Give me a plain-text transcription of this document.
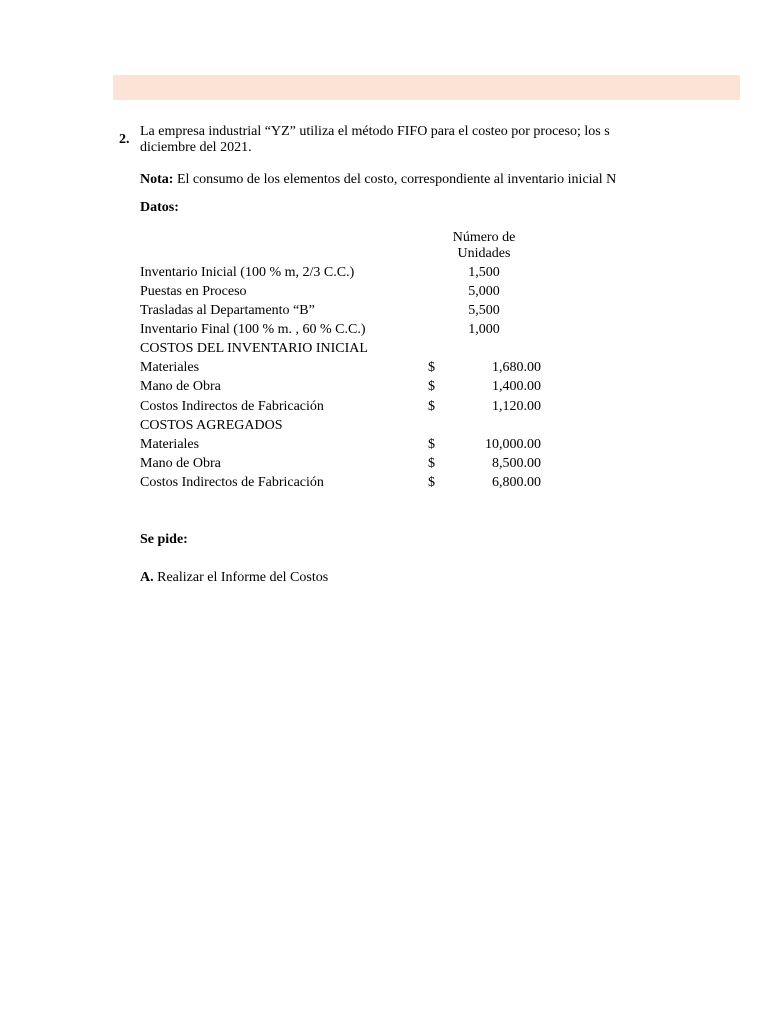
2.
La empresa industrial “YZ” utiliza el método FIFO para el costeo por proceso; los s
diciembre del 2021.
Nota: El consumo de los elementos del costo, correspondiente al inventario inicial N
Datos:
Número de
Unidades
Inventario Inicial (100 % m, 2/3 C.C.)	1,500
Puestas en Proceso	5,000
Trasladas al Departamento “B”	5,500
Inventario Final (100 % m. , 60 % C.C.)	1,000
COSTOS DEL INVENTARIO INICIAL
Materiales	$	1,680.00
Mano de Obra	$	1,400.00
Costos Indirectos de Fabricación	$	1,120.00
COSTOS AGREGADOS
Materiales	$	10,000.00
Mano de Obra	$	8,500.00
Costos Indirectos de Fabricación	$	6,800.00
Se pide:
A. Realizar el Informe del Costos
